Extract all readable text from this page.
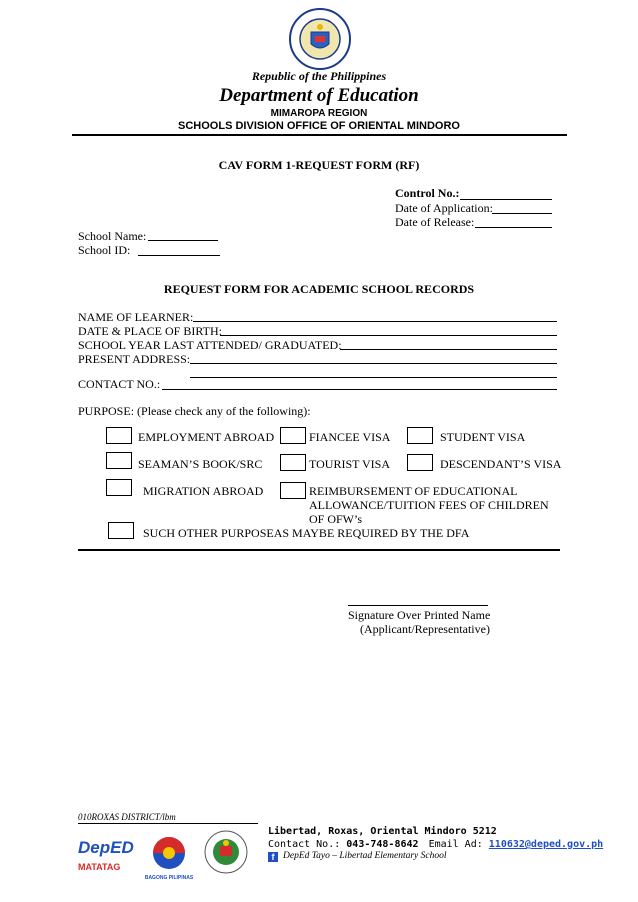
Republic of the Philippines
Department of Education
MIMAROPA REGION
SCHOOLS DIVISION OFFICE OF ORIENTAL MINDORO
CAV FORM 1-REQUEST FORM (RF)
Control No.:
Date of Application:
Date of Release:
School Name:
School ID:
REQUEST FORM FOR ACADEMIC SCHOOL RECORDS
NAME OF LEARNER:
DATE & PLACE OF BIRTH:
SCHOOL YEAR LAST ATTENDED/ GRADUATED:
PRESENT ADDRESS:
CONTACT NO.:
PURPOSE: (Please check any of the following):
EMPLOYMENT ABROAD	FIANCEE VISA	STUDENT VISA
SEAMAN’S BOOK/SRC	TOURIST VISA	DESCENDANT’S VISA
MIGRATION ABROAD	REIMBURSEMENT OF EDUCATIONAL
ALLOWANCE/TUITION FEES OF CHILDREN
OF OFW’s
SUCH OTHER PURPOSEAS MAYBE REQUIRED BY THE DFA
Signature Over Printed Name
(Applicant/Representative)
010ROXAS DISTRICT/lbm
DepED
MATATAG
BAGONG PILIPINAS
Libertad, Roxas, Oriental Mindoro 5212
Contact No.: 043-748-8642 Email Ad: 110632@deped.gov.ph
f DepEd Tayo – Libertad Elementary School
